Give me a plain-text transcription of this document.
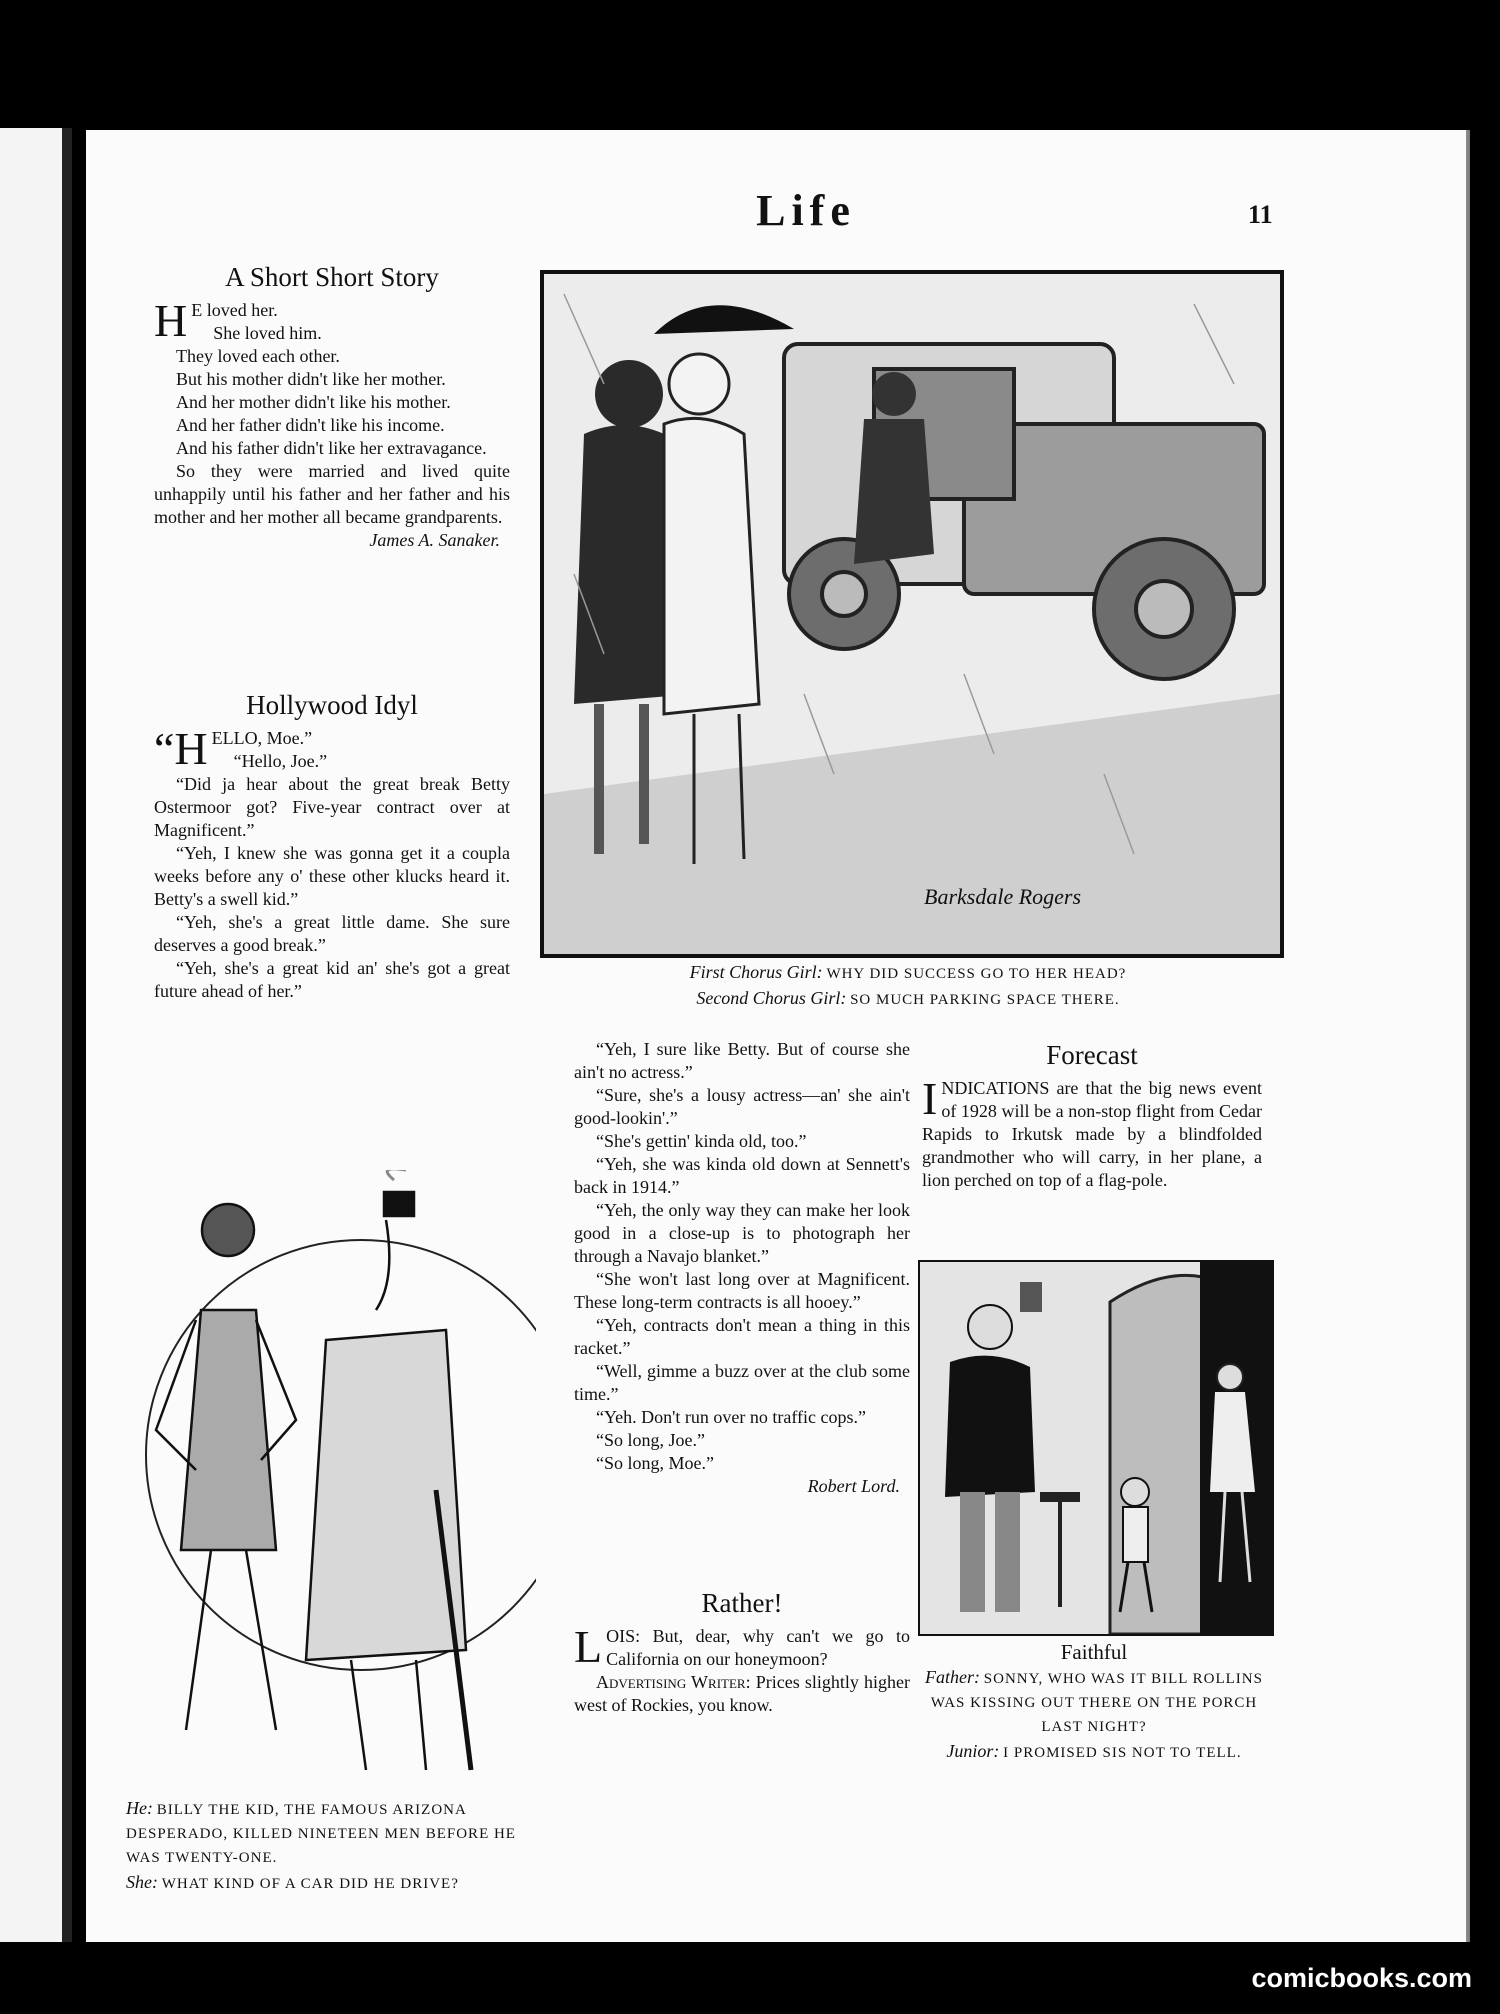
Life	11
A Short Short Story

H E loved her.

She loved him.

They loved each other.

But his mother didn't like her mother.

And her mother didn't like his mother.

And her father didn't like his income.

And his father didn't like her extravagance.

So they were married and lived quite unhappily until his father and her father and his mother and her mother all became grandparents.

James A. Sanaker.
Hollywood Idyl

“H ELLO, Moe.”

“Hello, Joe.”

“Did ja hear about the great break Betty Ostermoor got? Five-year contract over at Magnificent.”

“Yeh, I knew she was gonna get it a coupla weeks before any o' these other klucks heard it. Betty's a swell kid.”

“Yeh, she's a great little dame. She sure deserves a good break.”

“Yeh, she's a great kid an' she's got a great future ahead of her.”

Barksdale Rogers
First Chorus Girl: WHY DID SUCCESS GO TO HER HEAD?
Second Chorus Girl: SO MUCH PARKING SPACE THERE.
He: BILLY THE KID, THE FAMOUS ARIZONA DESPERADO, KILLED NINETEEN MEN BEFORE HE WAS TWENTY-ONE.
She: WHAT KIND OF A CAR DID HE DRIVE?

“Yeh, I sure like Betty. But of course she ain't no actress.”

“Sure, she's a lousy actress—an' she ain't good-lookin'.”

“She's gettin' kinda old, too.”

“Yeh, she was kinda old down at Sennett's back in 1914.”

“Yeh, the only way they can make her look good in a close-up is to photograph her through a Navajo blanket.”

“She won't last long over at Magnificent. These long-term contracts is all hooey.”

“Yeh, contracts don't mean a thing in this racket.”

“Well, gimme a buzz over at the club some time.”

“Yeh. Don't run over no traffic cops.”

“So long, Joe.”

“So long, Moe.”

Robert Lord.
Rather!

LOIS: But, dear, why can't we go to California on our honeymoon?

Advertising Writer: Prices slightly higher west of Rockies, you know.

Forecast

INDICATIONS are that the big news event of 1928 will be a non-stop flight from Cedar Rapids to Irkutsk made by a blindfolded grandmother who will carry, in her plane, a lion perched on top of a flag-pole.

Prosy
Faithful
Father: SONNY, WHO WAS IT BILL ROLLINS WAS KISSING OUT THERE ON THE PORCH LAST NIGHT?
Junior: I PROMISED SIS NOT TO TELL.
comicbooks.com
